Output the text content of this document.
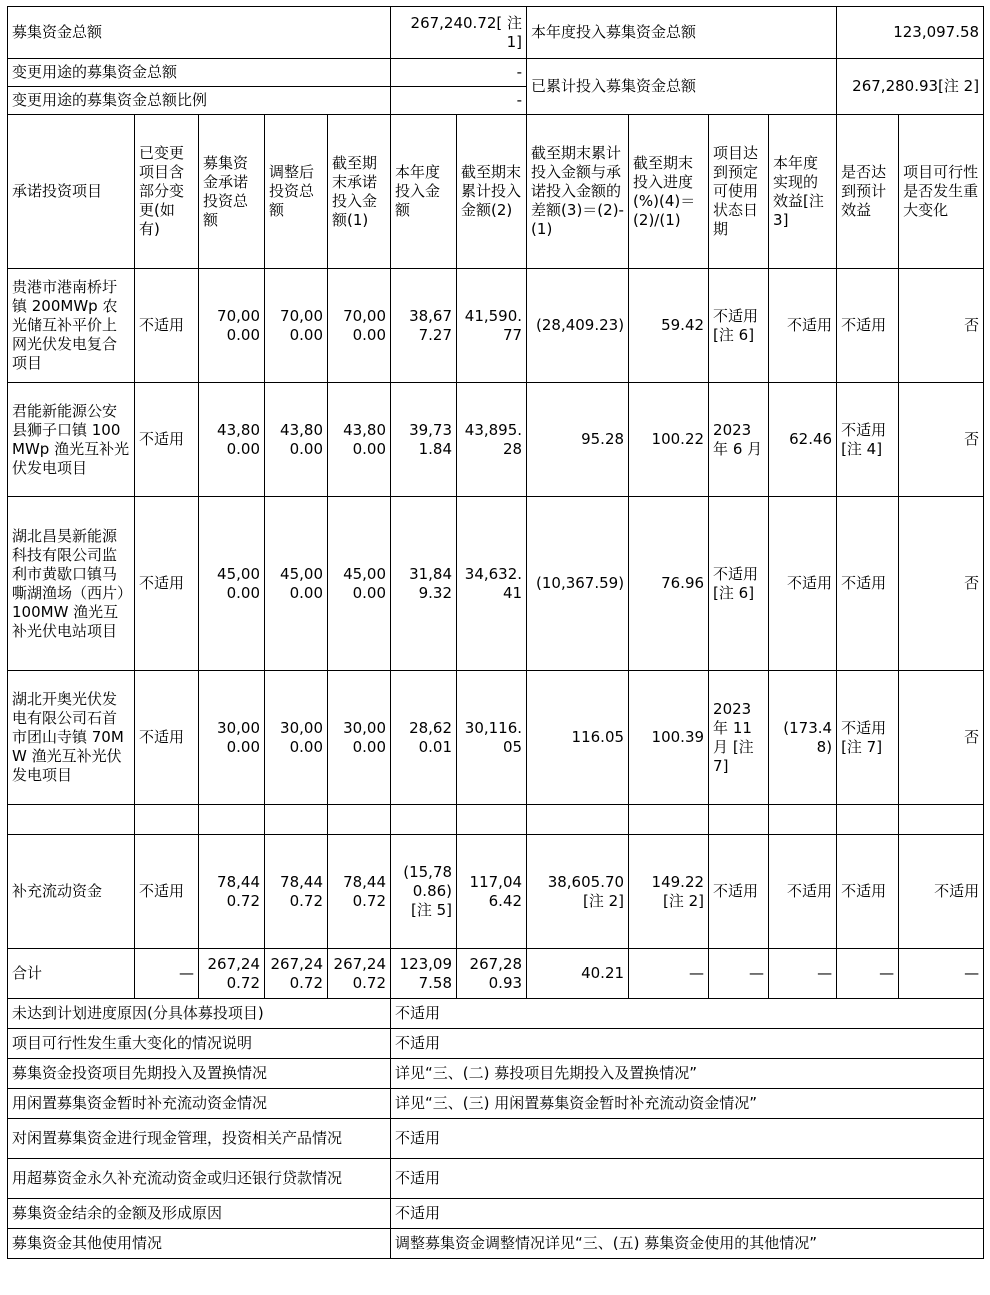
募集资金总额					267,240.72[ 注 1]		本年度投入募集资金总额				123,097.58	
变更用途的募集资金总额					-		已累计投入募集资金总额				267,280.93[注 2]	
变更用途的募集资金总额比例					-							
承诺投资项目	已变更项目含部分变更(如有)	募集资金承诺投资总额	调整后投资总额	截至期末承诺投入金额(1)	本年度投入金额	截至期末累计投入金额(2)	截至期末累计投入金额与承诺投入金额的差额(3)＝(2)-(1)	截至期末投入进度(%)(4)＝(2)/(1)	项目达到预定可使用状态日期	本年度实现的效益[注 3]	是否达到预计效益	项目可行性是否发生重大变化
贵港市港南桥圩镇 200MWp 农光储互补平价上网光伏发电复合项目	不适用	70,000.00	70,000.00	70,000.00	38,677.27	41,590.77	(28,409.23)	59.42	不适用[注 6]	不适用	不适用	否
君能新能源公安县狮子口镇 100MWp 渔光互补光伏发电项目	不适用	43,800.00	43,800.00	43,800.00	39,731.84	43,895.28	95.28	100.22	2023 年 6 月	62.46	不适用[注 4]	否
湖北昌昊新能源科技有限公司监利市黄歇口镇马嘶湖渔场（西片）100MW 渔光互补光伏电站项目	不适用	45,000.00	45,000.00	45,000.00	31,849.32	34,632.41	(10,367.59)	76.96	不适用[注 6]	不适用	不适用	否
湖北开奥光伏发电有限公司石首市团山寺镇 70MW 渔光互补光伏发电项目	不适用	30,000.00	30,000.00	30,000.00	28,620.01	30,116.05	116.05	100.39	2023 年 11 月 [注 7]	(173.48)	不适用 [注 7]	否

补充流动资金	不适用	78,440.72	78,440.72	78,440.72	(15,780.86) [注 5]	117,046.42	38,605.70 [注 2]	149.22 [注 2]	不适用	不适用	不适用	不适用
合计	—	267,240.72	267,240.72	267,240.72	123,097.58	267,280.93	40.21	—	—	—	—	—
未达到计划进度原因(分具体募投项目)					不适用							
项目可行性发生重大变化的情况说明					不适用							
募集资金投资项目先期投入及置换情况					详见“三、(二) 募投项目先期投入及置换情况”							
用闲置募集资金暂时补充流动资金情况					详见“三、(三) 用闲置募集资金暂时补充流动资金情况”							
对闲置募集资金进行现金管理，投资相关产品情况					不适用							
用超募资金永久补充流动资金或归还银行贷款情况					不适用							
募集资金结余的金额及形成原因					不适用							
募集资金其他使用情况					调整募集资金调整情况详见“三、(五) 募集资金使用的其他情况”							
